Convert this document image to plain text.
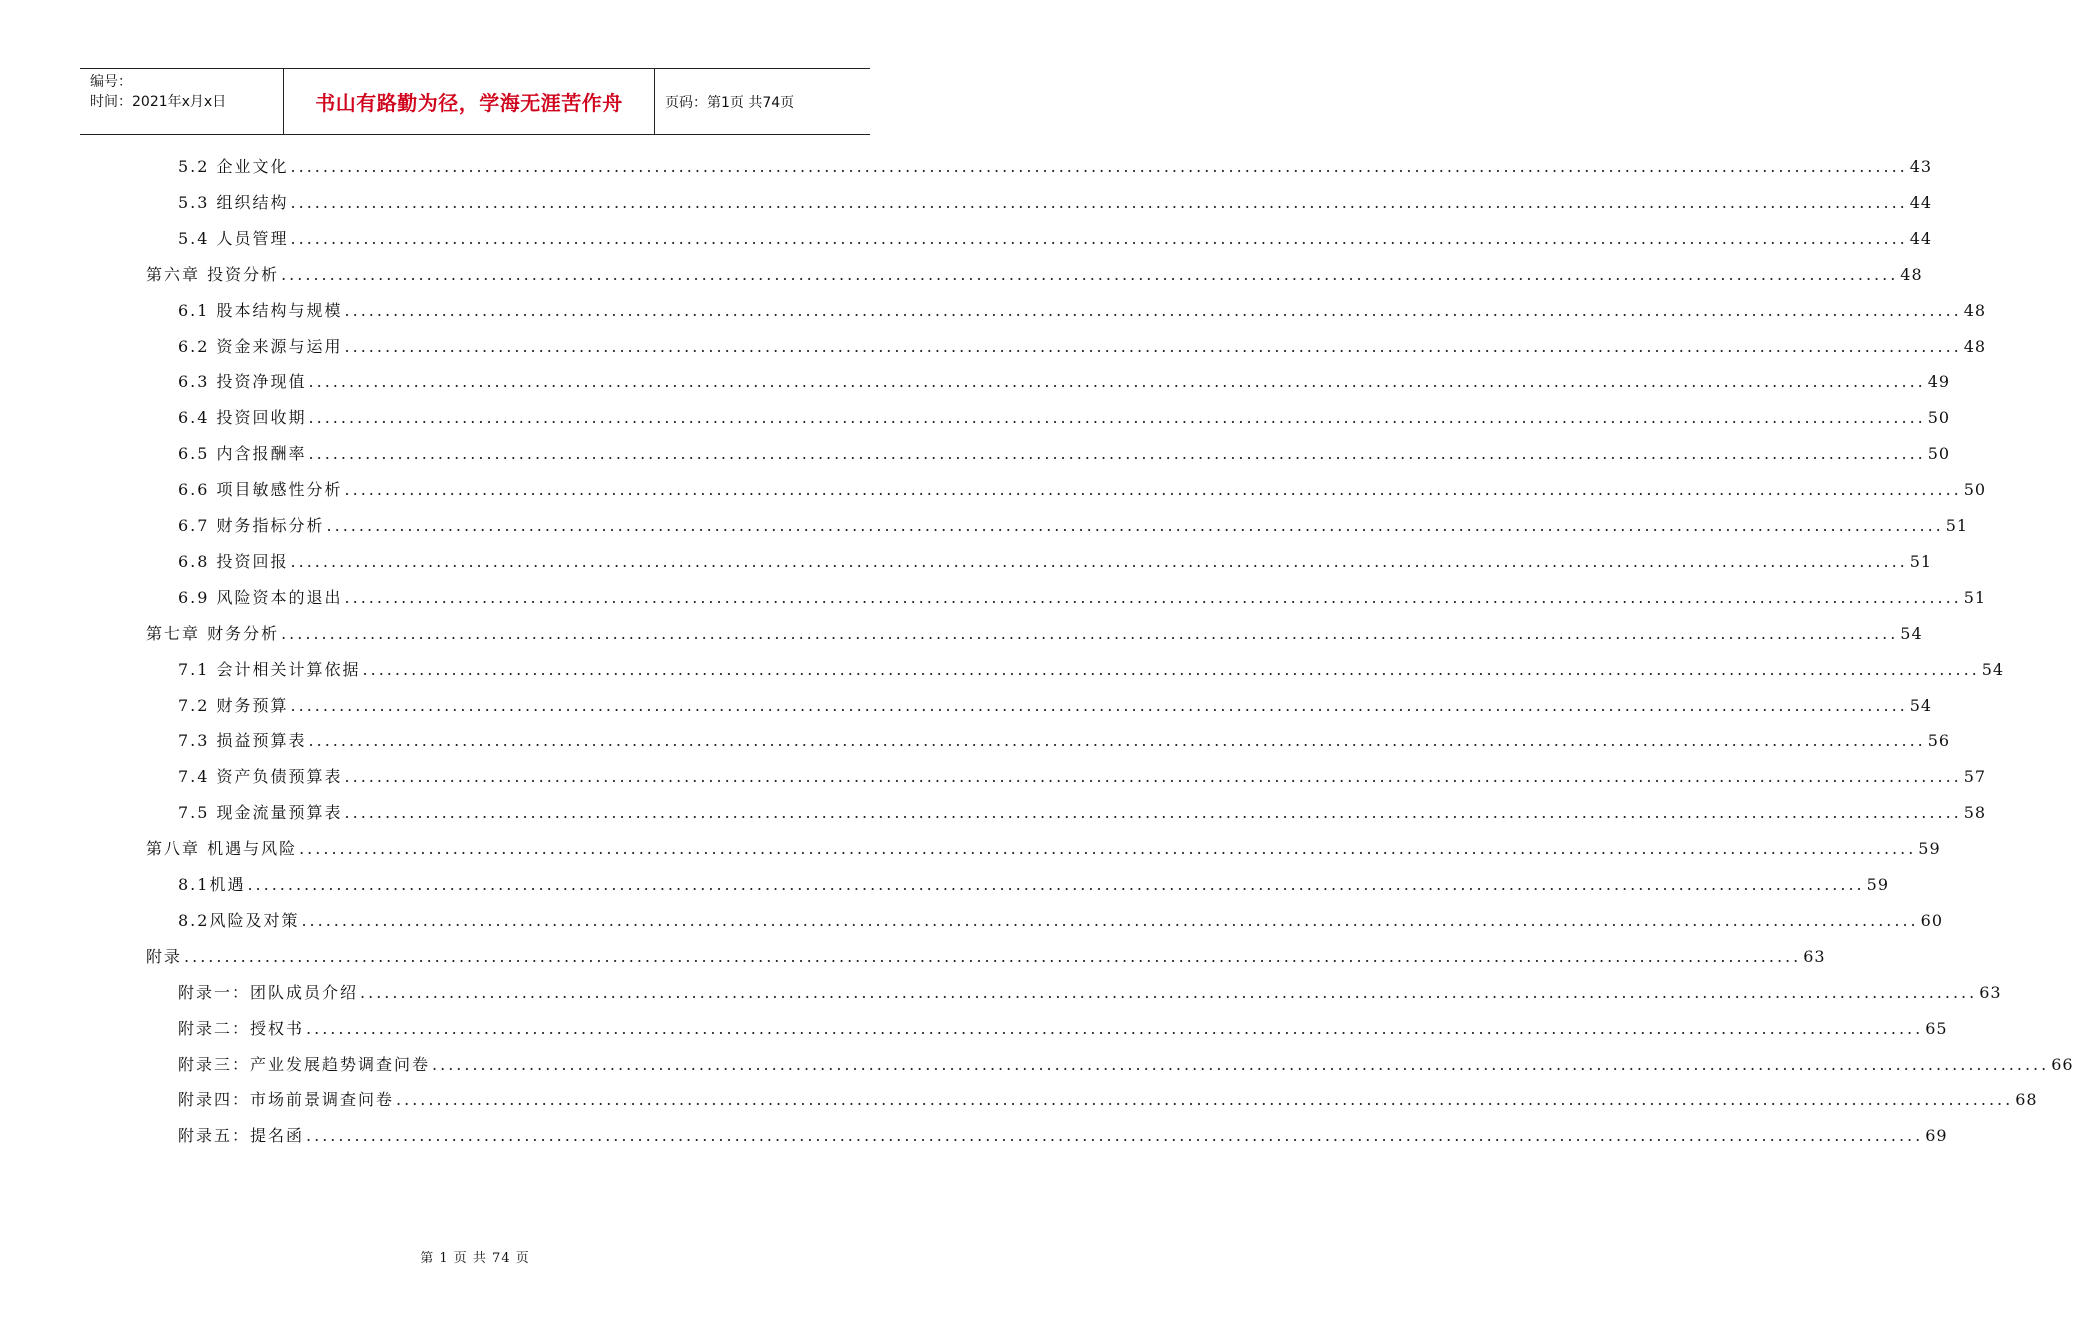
编号：
时间：2021年x月x日	书山有路勤为径，学海无涯苦作舟	页码：第1页 共74页
5.2 企业文化 ........................................................................................................................................................................................................ 43
5.3 组织结构 ........................................................................................................................................................................................................ 44
5.4 人员管理 ........................................................................................................................................................................................................ 44
第六章 投资分析 ........................................................................................................................................................................................................ 48
6.1 股本结构与规模 ........................................................................................................................................................................................................ 48
6.2 资金来源与运用 ........................................................................................................................................................................................................ 48
6.3 投资净现值 ........................................................................................................................................................................................................ 49
6.4 投资回收期 ........................................................................................................................................................................................................ 50
6.5 内含报酬率 ........................................................................................................................................................................................................ 50
6.6 项目敏感性分析 ........................................................................................................................................................................................................ 50
6.7 财务指标分析 ........................................................................................................................................................................................................ 51
6.8 投资回报 ........................................................................................................................................................................................................ 51
6.9 风险资本的退出 ........................................................................................................................................................................................................ 51
第七章 财务分析 ........................................................................................................................................................................................................ 54
7.1 会计相关计算依据 ........................................................................................................................................................................................................ 54
7.2 财务预算 ........................................................................................................................................................................................................ 54
7.3 损益预算表 ........................................................................................................................................................................................................ 56
7.4 资产负债预算表 ........................................................................................................................................................................................................ 57
7.5 现金流量预算表 ........................................................................................................................................................................................................ 58
第八章 机遇与风险 ........................................................................................................................................................................................................ 59
8.1机遇 ........................................................................................................................................................................................................ 59
8.2风险及对策 ........................................................................................................................................................................................................ 60
附录 ........................................................................................................................................................................................................ 63
附录一：团队成员介绍 ........................................................................................................................................................................................................ 63
附录二：授权书 ........................................................................................................................................................................................................ 65
附录三：产业发展趋势调查问卷 ........................................................................................................................................................................................................ 66
附录四：市场前景调查问卷 ........................................................................................................................................................................................................ 68
附录五：提名函 ........................................................................................................................................................................................................ 69
第 1 页 共 74 页
